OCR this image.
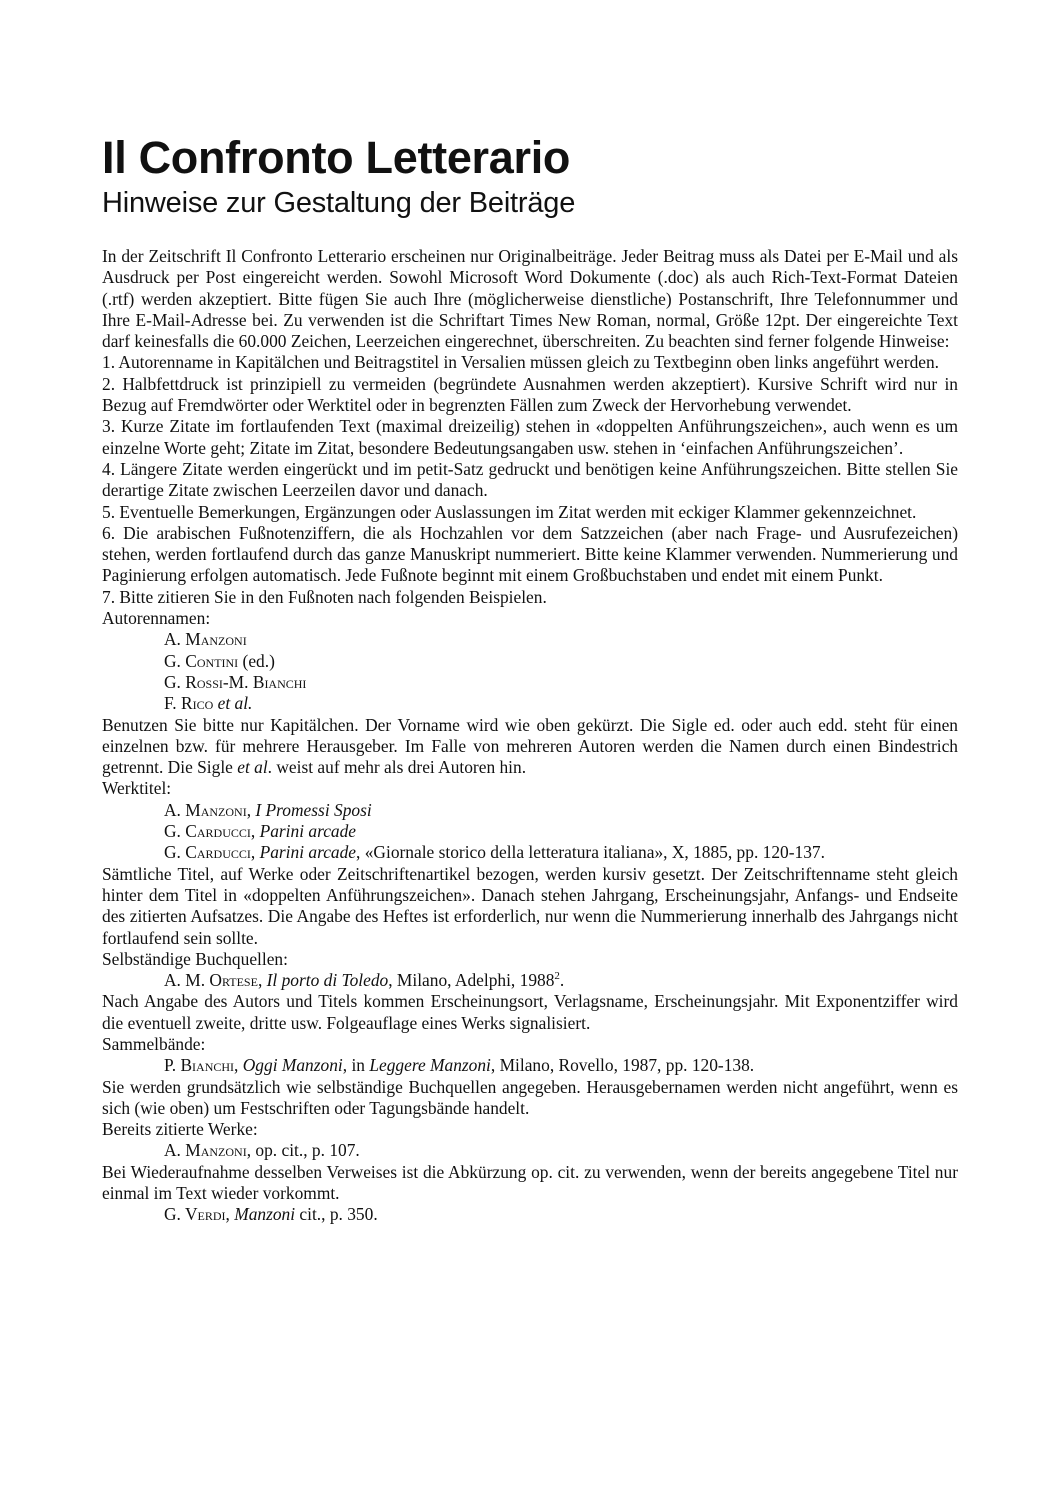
Il Confronto Letterario
Hinweise zur Gestaltung der Beiträge

In der Zeitschrift Il Confronto Letterario erscheinen nur Originalbeiträge. Jeder Beitrag muss als Datei per E-Mail und als Ausdruck per Post eingereicht werden. Sowohl Microsoft Word Dokumente (.doc) als auch Rich-Text-Format Dateien (.rtf) werden akzeptiert. Bitte fügen Sie auch Ihre (möglicherweise dienstliche) Postanschrift, Ihre Telefonnummer und Ihre E-Mail-Adresse bei. Zu verwenden ist die Schriftart Times New Roman, normal, Größe 12pt. Der eingereichte Text darf keinesfalls die 60.000 Zeichen, Leerzeichen eingerechnet, überschreiten. Zu beachten sind ferner folgende Hinweise:

1. Autorenname in Kapitälchen und Beitragstitel in Versalien müssen gleich zu Textbeginn oben links angeführt werden.

2. Halbfettdruck ist prinzipiell zu vermeiden (begründete Ausnahmen werden akzeptiert). Kursive Schrift wird nur in Bezug auf Fremdwörter oder Werktitel oder in begrenzten Fällen zum Zweck der Hervorhebung verwendet.

3. Kurze Zitate im fortlaufenden Text (maximal dreizeilig) stehen in «doppelten Anführungszeichen», auch wenn es um einzelne Worte geht; Zitate im Zitat, besondere Bedeutungsangaben usw. stehen in ‘einfachen Anführungszeichen’.

4. Längere Zitate werden eingerückt und im petit-Satz gedruckt und benötigen keine Anführungszeichen. Bitte stellen Sie derartige Zitate zwischen Leerzeilen davor und danach.

5. Eventuelle Bemerkungen, Ergänzungen oder Auslassungen im Zitat werden mit eckiger Klammer gekennzeichnet.

6. Die arabischen Fußnotenziffern, die als Hochzahlen vor dem Satzzeichen (aber nach Frage- und Ausrufezeichen) stehen, werden fortlaufend durch das ganze Manuskript nummeriert. Bitte keine Klammer verwenden. Nummerierung und Paginierung erfolgen automatisch. Jede Fußnote beginnt mit einem Großbuchstaben und endet mit einem Punkt.

7. Bitte zitieren Sie in den Fußnoten nach folgenden Beispielen.

Autorennamen:

A. Manzoni
G. Contini (ed.)
G. Rossi-M. Bianchi
F. Rico et al.

Benutzen Sie bitte nur Kapitälchen. Der Vorname wird wie oben gekürzt. Die Sigle ed. oder auch edd. steht für einen einzelnen bzw. für mehrere Herausgeber. Im Falle von mehreren Autoren werden die Namen durch einen Bindestrich getrennt. Die Sigle et al. weist auf mehr als drei Autoren hin.

Werktitel:

A. Manzoni, I Promessi Sposi
G. Carducci, Parini arcade
G. Carducci, Parini arcade, «Giornale storico della letteratura italiana», X, 1885, pp. 120-137.

Sämtliche Titel, auf Werke oder Zeitschriftenartikel bezogen, werden kursiv gesetzt. Der Zeitschriftenname steht gleich hinter dem Titel in «doppelten Anführungszeichen». Danach stehen Jahrgang, Erscheinungsjahr, Anfangs- und Endseite des zitierten Aufsatzes. Die Angabe des Heftes ist erforderlich, nur wenn die Nummerierung innerhalb des Jahrgangs nicht fortlaufend sein sollte.

Selbständige Buchquellen:

A. M. Ortese, Il porto di Toledo, Milano, Adelphi, 1988$^2$.

Nach Angabe des Autors und Titels kommen Erscheinungsort, Verlagsname, Erscheinungsjahr. Mit Exponentziffer wird die eventuell zweite, dritte usw. Folgeauflage eines Werks signalisiert.

Sammelbände:

P. Bianchi, Oggi Manzoni, in Leggere Manzoni, Milano, Rovello, 1987, pp. 120-138.

Sie werden grundsätzlich wie selbständige Buchquellen angegeben. Herausgebernamen werden nicht angeführt, wenn es sich (wie oben) um Festschriften oder Tagungsbände handelt.

Bereits zitierte Werke:

A. Manzoni, op. cit., p. 107.

Bei Wiederaufnahme desselben Verweises ist die Abkürzung op. cit. zu verwenden, wenn der bereits angegebene Titel nur einmal im Text wieder vorkommt.

G. Verdi, Manzoni cit., p. 350.
